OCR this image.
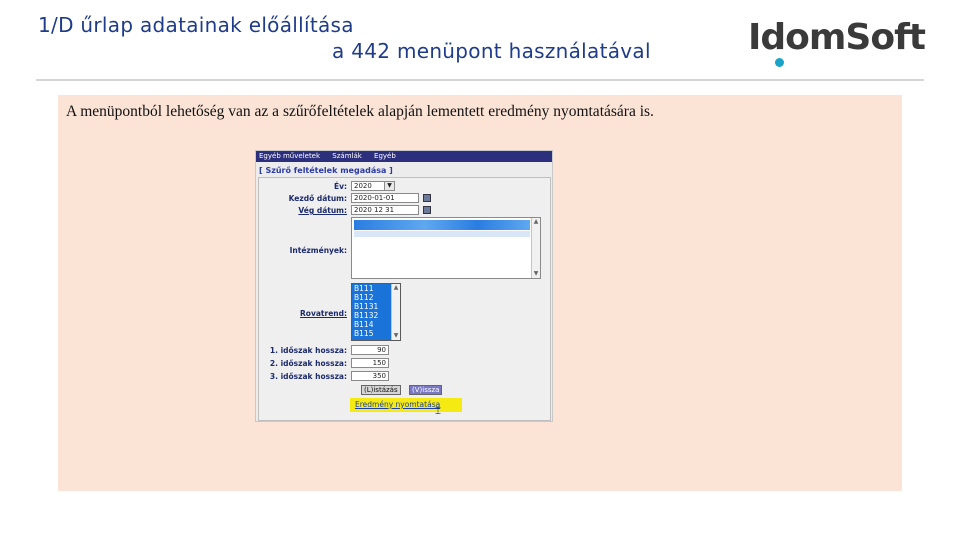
1/D űrlap adatainak előállítása
a 442 menüpont használatával	IdomSoft
A menüpontból lehetőség van az a szűrőfeltételek alapján lementett eredmény nyomtatására is.
Egyéb műveletek Számlák Egyéb
[ Szűrő feltételek megadása ]
Év:	2020	▼
Kezdő dátum:	2020-01-01
Vég dátum:	2020 12 31
Intézmények:
▲
▼
Rovatrend:
B111
B112
B1131
B1132
B114
B115
▲
▼
1. időszak hossza:	90
2. időszak hossza:	150
3. időszak hossza:	350
(L)istázás	(V)issza
Eredmény nyomtatása
⌶
